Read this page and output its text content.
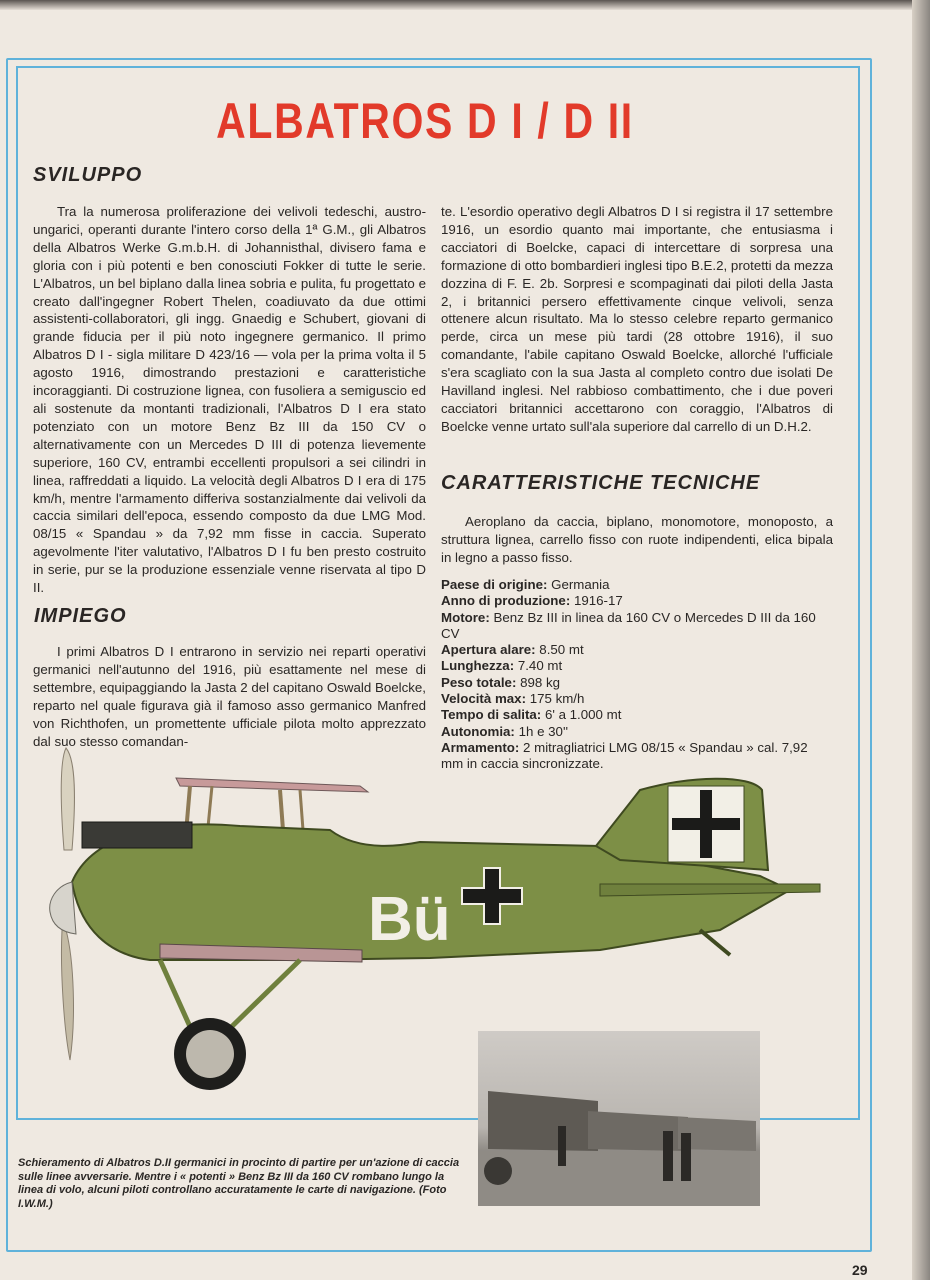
ALBATROS D I / D II
SVILUPPO

Tra la numerosa proliferazione dei velivoli tedeschi, austro-ungarici, operanti durante l'intero corso della 1ª G.M., gli Albatros della Albatros Werke G.m.b.H. di Johannisthal, divisero fama e gloria con i più potenti e ben conosciuti Fokker di tutte le serie. L'Albatros, un bel biplano dalla linea sobria e pulita, fu progettato e creato dall'ingegner Robert Thelen, coadiuvato da due ottimi assistenti-collaboratori, gli ingg. Gnaedig e Schubert, giovani di grande fiducia per il più noto ingegnere germanico. Il primo Albatros D I - sigla militare D 423/16 — vola per la prima volta il 5 agosto 1916, dimostrando prestazioni e caratteristiche incoraggianti. Di costruzione lignea, con fusoliera a semiguscio ed ali sostenute da montanti tradizionali, l'Albatros D I era stato potenziato con un motore Benz Bz III da 150 CV o alternativamente con un Mercedes D III di potenza lievemente superiore, 160 CV, entrambi eccellenti propulsori a sei cilindri in linea, raffreddati a liquido. La velocità degli Albatros D I era di 175 km/h, mentre l'armamento differiva sostanzialmente dai velivoli da caccia similari dell'epoca, essendo composto da due LMG Mod. 08/15 « Spandau » da 7,92 mm fisse in caccia. Superato agevolmente l'iter valutativo, l'Albatros D I fu ben presto costruito in serie, pur se la produzione essenziale venne riservata al tipo D II.

IMPIEGO

I primi Albatros D I entrarono in servizio nei reparti operativi germanici nell'autunno del 1916, più esattamente nel mese di settembre, equipaggiando la Jasta 2 del capitano Oswald Boelcke, reparto nel quale figurava già il famoso asso germanico Manfred von Richthofen, un promettente ufficiale pilota molto apprezzato dal suo stesso comandan-

te. L'esordio operativo degli Albatros D I si registra il 17 settembre 1916, un esordio quanto mai importante, che entusiasma i cacciatori di Boelcke, capaci di intercettare di sorpresa una formazione di otto bombardieri inglesi tipo B.E.2, protetti da mezza dozzina di F. E. 2b. Sorpresi e scompaginati dai piloti della Jasta 2, i britannici persero effettivamente cinque velivoli, senza ottenere alcun risultato. Ma lo stesso celebre reparto germanico perde, circa un mese più tardi (28 ottobre 1916), il suo comandante, l'abile capitano Oswald Boelcke, allorché l'ufficiale s'era scagliato con la sua Jasta al completo contro due isolati De Havilland inglesi. Nel rabbioso combattimento, che i due poveri cacciatori britannici accettarono con coraggio, l'Albatros di Boelcke venne urtato sull'ala superiore dal carrello di un D.H.2.

CARATTERISTICHE TECNICHE

Aeroplano da caccia, biplano, monomotore, monoposto, a struttura lignea, carrello fisso con ruote indipendenti, elica bipala in legno a passo fisso.

Paese di origine: Germania
Anno di produzione: 1916-17
Motore: Benz Bz III in linea da 160 CV o Mercedes D III da 160 CV
Apertura alare: 8.50 mt
Lunghezza: 7.40 mt
Peso totale: 898 kg
Velocità max: 175 km/h
Tempo di salita: 6' a 1.000 mt
Autonomia: 1h e 30''
Armamento: 2 mitragliatrici LMG 08/15 « Spandau » cal. 7,92 mm in caccia sincronizzate.
Bü
Schieramento di Albatros D.II germanici in procinto di partire per un'azione di caccia sulle linee avversarie. Mentre i « potenti » Benz Bz III da 160 CV rombano lungo la linea di volo, alcuni piloti controllano accuratamente le carte di navigazione. (Foto I.W.M.)
29
